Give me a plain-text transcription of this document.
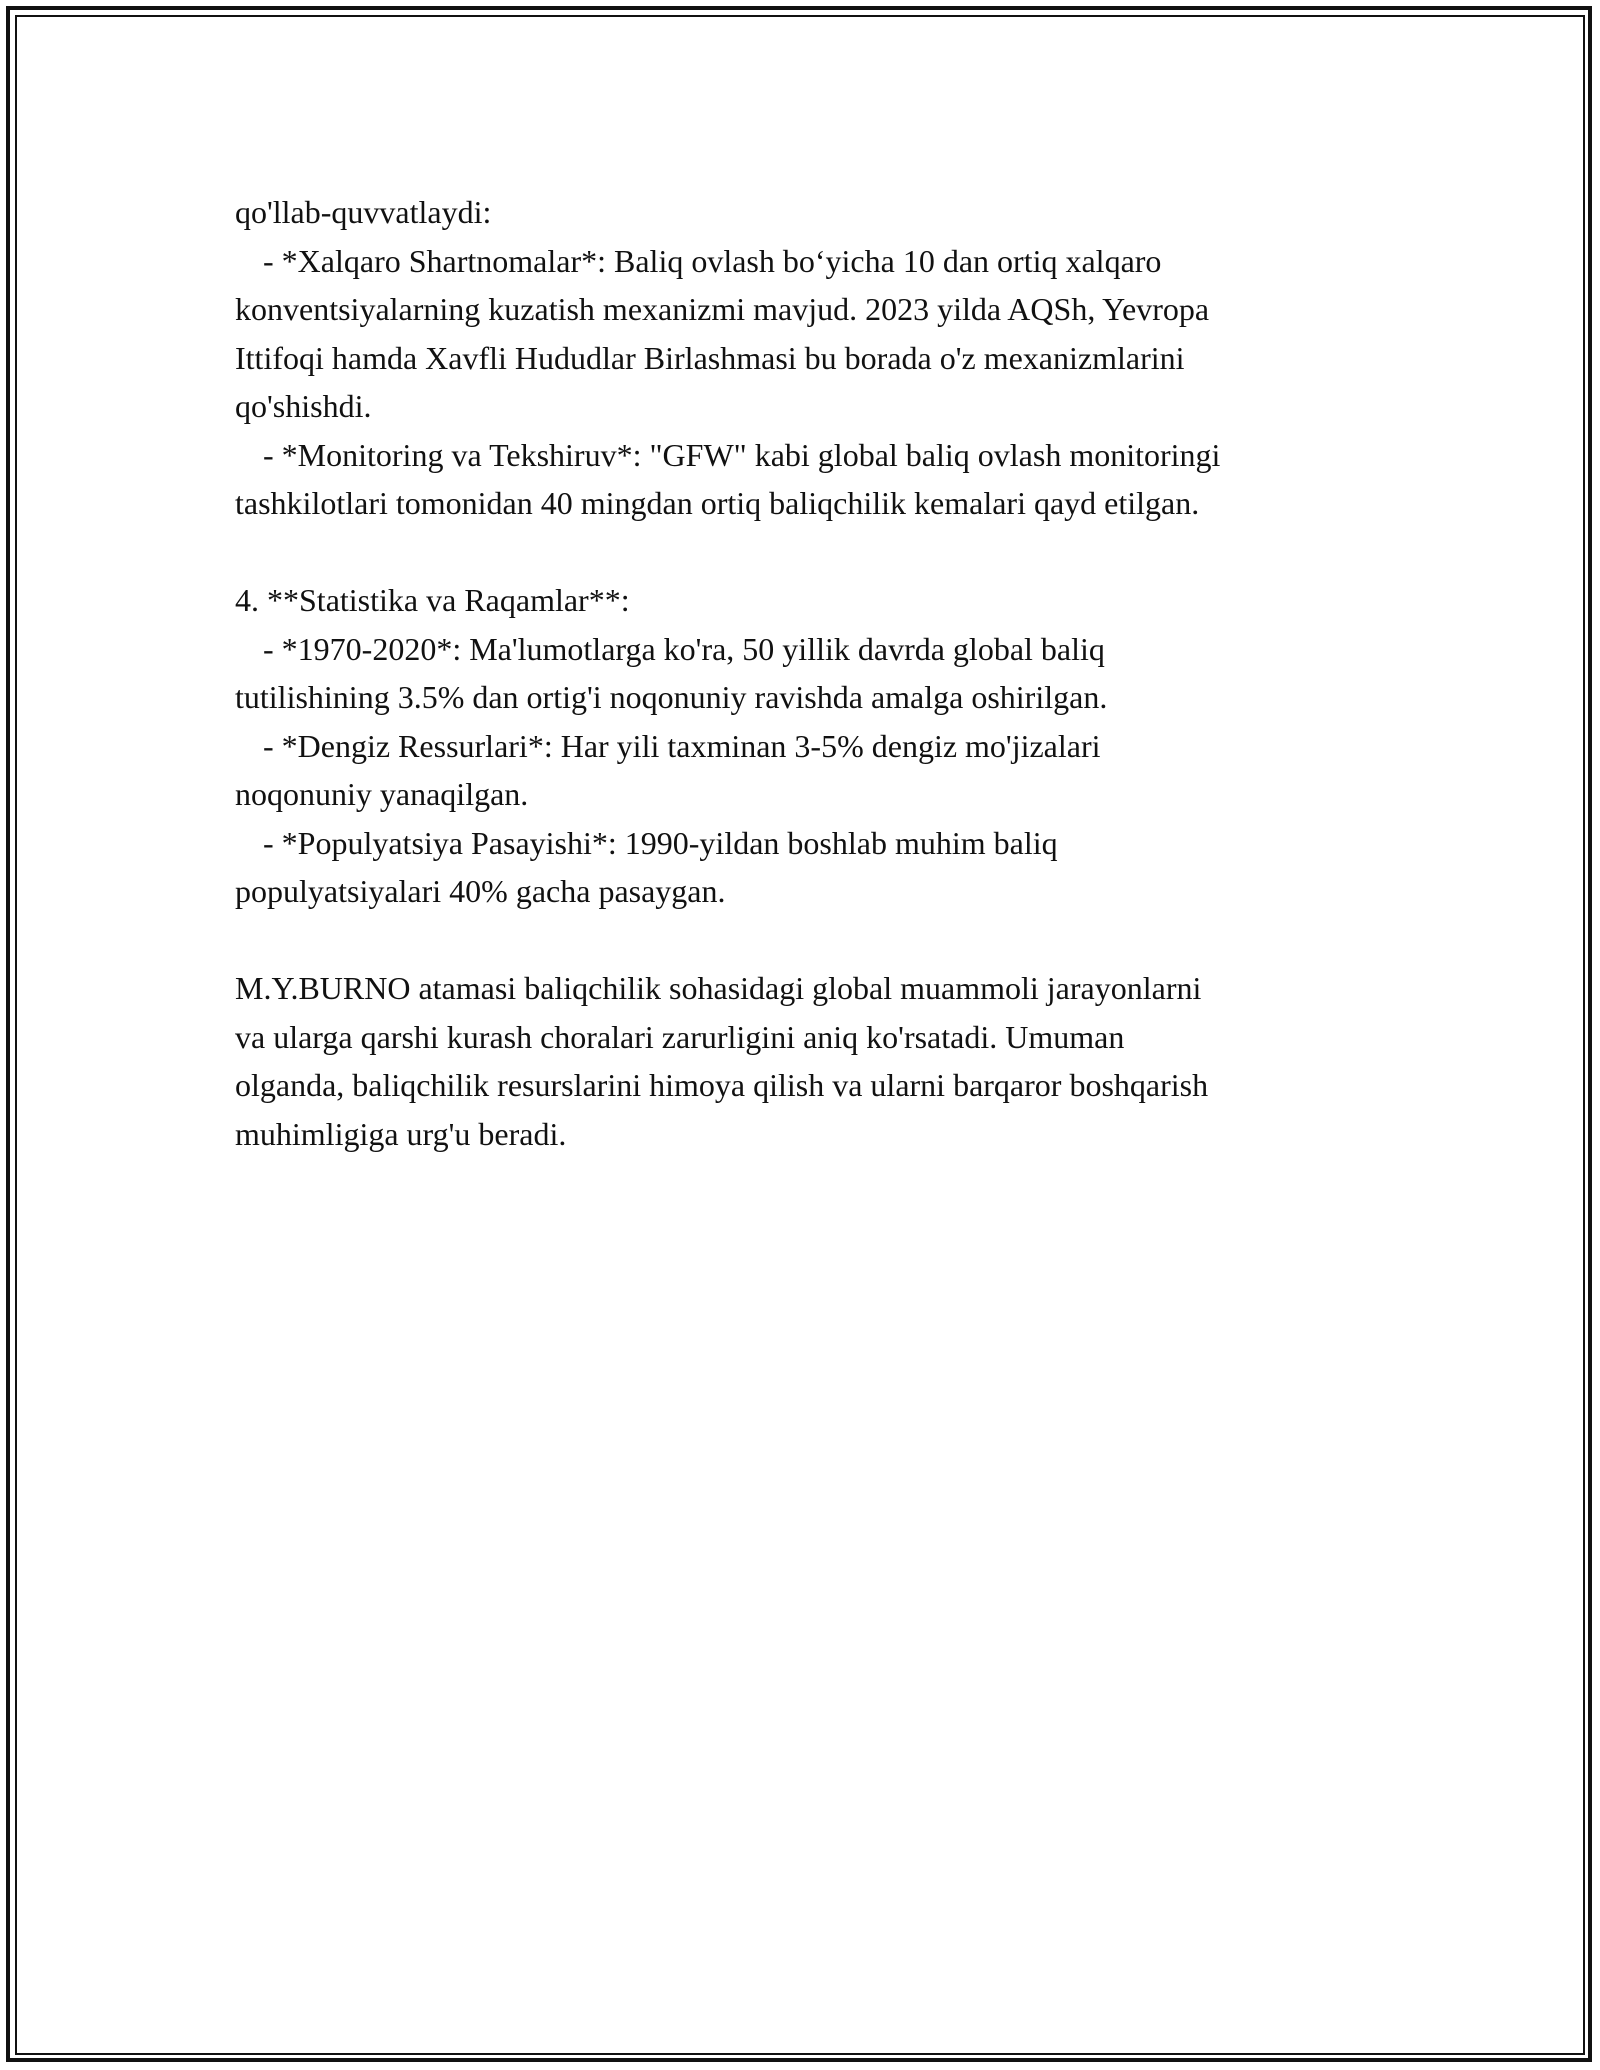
qo'llab-quvvatlaydi:
- *Xalqaro Shartnomalar*: Baliq ovlash bo‘yicha 10 dan ortiq xalqaro
konventsiyalarning kuzatish mexanizmi mavjud. 2023 yilda AQSh, Yevropa
Ittifoqi hamda Xavfli Hududlar Birlashmasi bu borada o'z mexanizmlarini
qo'shishdi.
- *Monitoring va Tekshiruv*: "GFW" kabi global baliq ovlash monitoringi
tashkilotlari tomonidan 40 mingdan ortiq baliqchilik kemalari qayd etilgan.
4. **Statistika va Raqamlar**:
- *1970-2020*: Ma'lumotlarga ko'ra, 50 yillik davrda global baliq
tutilishining 3.5% dan ortig'i noqonuniy ravishda amalga oshirilgan.
- *Dengiz Ressurlari*: Har yili taxminan 3-5% dengiz mo'jizalari
noqonuniy yanaqilgan.
- *Populyatsiya Pasayishi*: 1990-yildan boshlab muhim baliq
populyatsiyalari 40% gacha pasaygan.
M.Y.BURNO atamasi baliqchilik sohasidagi global muammoli jarayonlarni
va ularga qarshi kurash choralari zarurligini aniq ko'rsatadi. Umuman
olganda, baliqchilik resurslarini himoya qilish va ularni barqaror boshqarish
muhimligiga urg'u beradi.
